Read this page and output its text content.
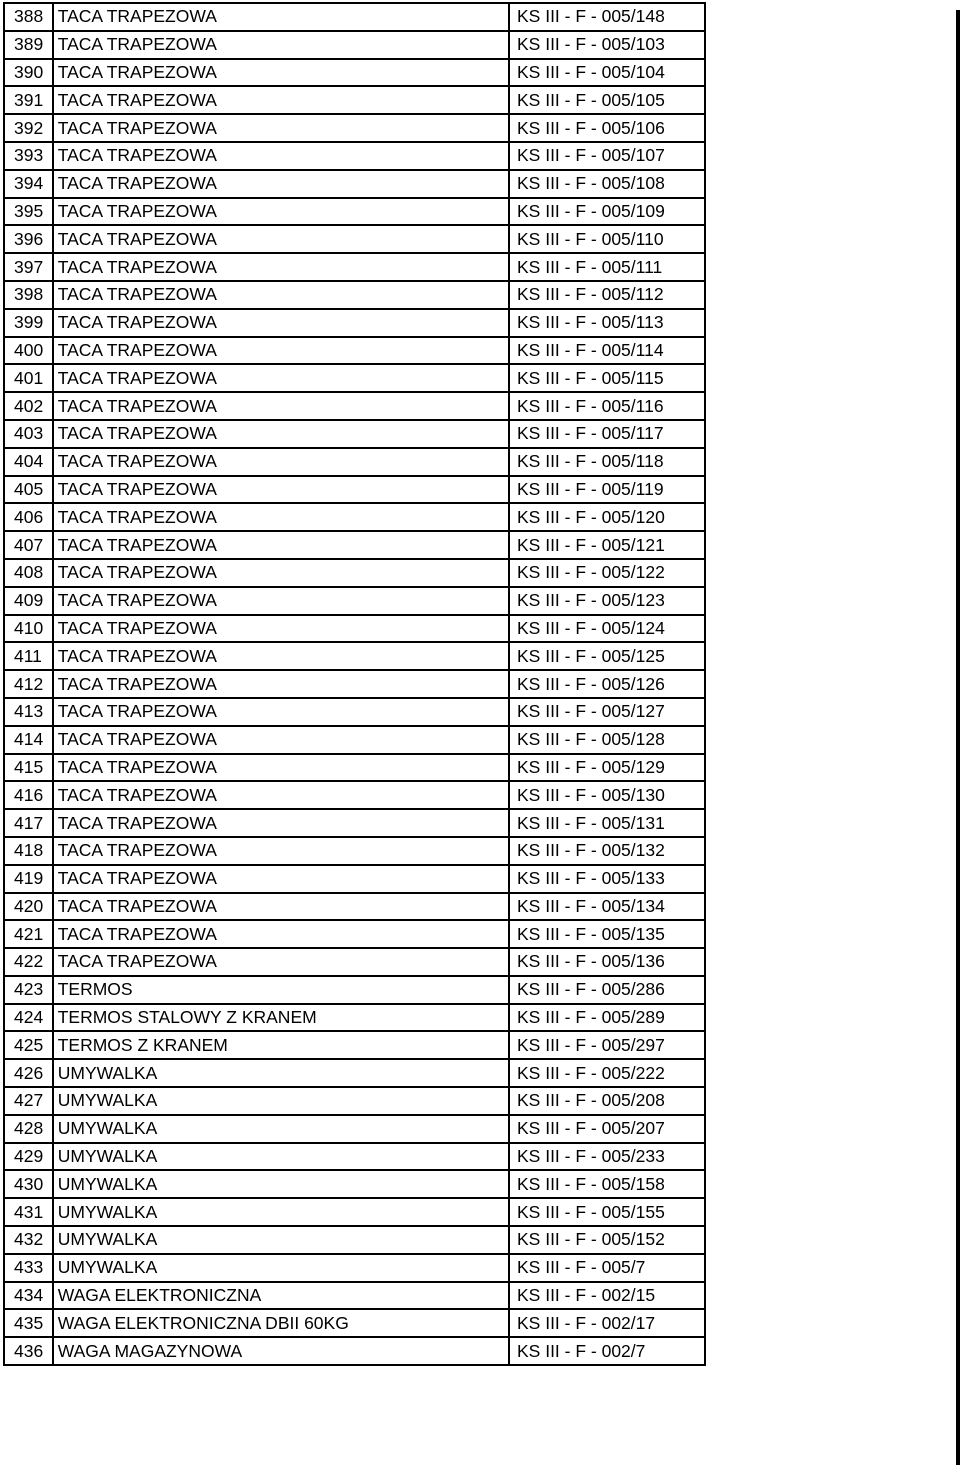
388	TACA TRAPEZOWA	KS III - F - 005/148
389	TACA TRAPEZOWA	KS III - F - 005/103
390	TACA TRAPEZOWA	KS III - F - 005/104
391	TACA TRAPEZOWA	KS III - F - 005/105
392	TACA TRAPEZOWA	KS III - F - 005/106
393	TACA TRAPEZOWA	KS III - F - 005/107
394	TACA TRAPEZOWA	KS III - F - 005/108
395	TACA TRAPEZOWA	KS III - F - 005/109
396	TACA TRAPEZOWA	KS III - F - 005/110
397	TACA TRAPEZOWA	KS III - F - 005/111
398	TACA TRAPEZOWA	KS III - F - 005/112
399	TACA TRAPEZOWA	KS III - F - 005/113
400	TACA TRAPEZOWA	KS III - F - 005/114
401	TACA TRAPEZOWA	KS III - F - 005/115
402	TACA TRAPEZOWA	KS III - F - 005/116
403	TACA TRAPEZOWA	KS III - F - 005/117
404	TACA TRAPEZOWA	KS III - F - 005/118
405	TACA TRAPEZOWA	KS III - F - 005/119
406	TACA TRAPEZOWA	KS III - F - 005/120
407	TACA TRAPEZOWA	KS III - F - 005/121
408	TACA TRAPEZOWA	KS III - F - 005/122
409	TACA TRAPEZOWA	KS III - F - 005/123
410	TACA TRAPEZOWA	KS III - F - 005/124
411	TACA TRAPEZOWA	KS III - F - 005/125
412	TACA TRAPEZOWA	KS III - F - 005/126
413	TACA TRAPEZOWA	KS III - F - 005/127
414	TACA TRAPEZOWA	KS III - F - 005/128
415	TACA TRAPEZOWA	KS III - F - 005/129
416	TACA TRAPEZOWA	KS III - F - 005/130
417	TACA TRAPEZOWA	KS III - F - 005/131
418	TACA TRAPEZOWA	KS III - F - 005/132
419	TACA TRAPEZOWA	KS III - F - 005/133
420	TACA TRAPEZOWA	KS III - F - 005/134
421	TACA TRAPEZOWA	KS III - F - 005/135
422	TACA TRAPEZOWA	KS III - F - 005/136
423	TERMOS	KS III - F - 005/286
424	TERMOS STALOWY Z KRANEM	KS III - F - 005/289
425	TERMOS Z KRANEM	KS III - F - 005/297
426	UMYWALKA	KS III - F - 005/222
427	UMYWALKA	KS III - F - 005/208
428	UMYWALKA	KS III - F - 005/207
429	UMYWALKA	KS III - F - 005/233
430	UMYWALKA	KS III - F - 005/158
431	UMYWALKA	KS III - F - 005/155
432	UMYWALKA	KS III - F - 005/152
433	UMYWALKA	KS III - F - 005/7
434	WAGA ELEKTRONICZNA	KS III - F - 002/15
435	WAGA ELEKTRONICZNA DBII 60KG	KS III - F - 002/17
436	WAGA MAGAZYNOWA	KS III - F - 002/7
